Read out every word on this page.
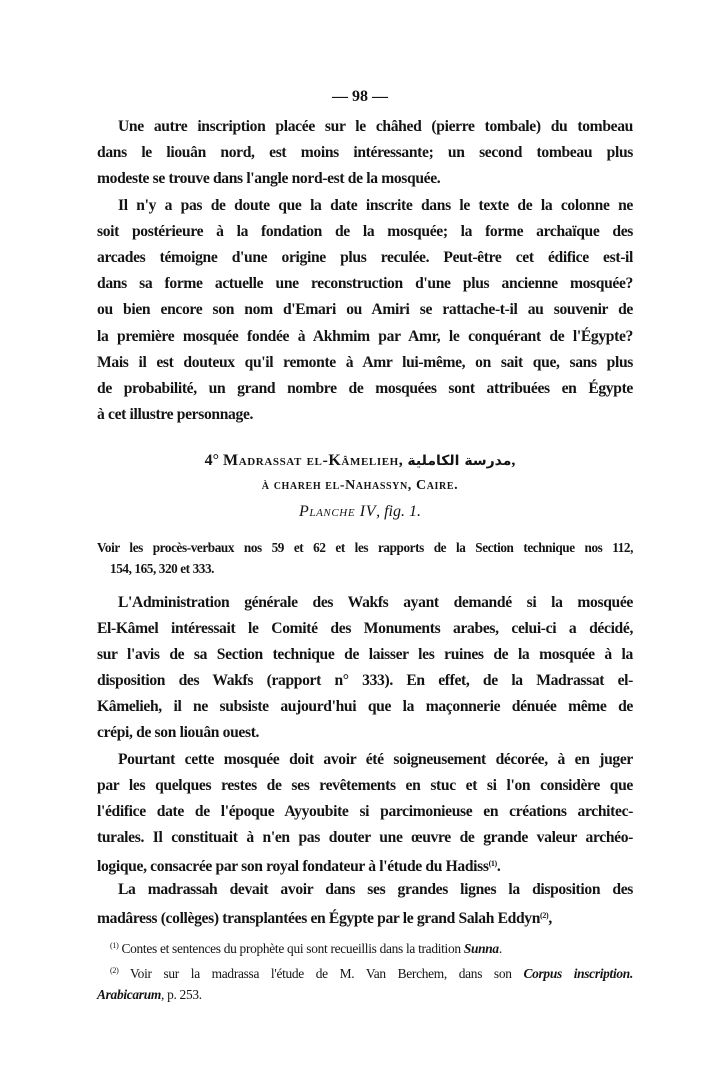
— 98 —
Une autre inscription placée sur le châhed (pierre tombale) du tombeau
dans le liouân nord, est moins intéressante; un second tombeau plus
modeste se trouve dans l'angle nord-est de la mosquée.
Il n'y a pas de doute que la date inscrite dans le texte de la colonne ne
soit postérieure à la fondation de la mosquée; la forme archaïque des
arcades témoigne d'une origine plus reculée. Peut-être cet édifice est-il
dans sa forme actuelle une reconstruction d'une plus ancienne mosquée?
ou bien encore son nom d'Emari ou Amiri se rattache-t-il au souvenir de
la première mosquée fondée à Akhmim par Amr, le conquérant de l'Égypte?
Mais il est douteux qu'il remonte à Amr lui-même, on sait que, sans plus
de probabilité, un grand nombre de mosquées sont attribuées en Égypte
à cet illustre personnage.
4° Madrassat el-Kâmelieh, مدرسة الكاملية,
à chareh el-Nahassyn, Caire.
Planche IV, fig. 1.
Voir les procès-verbaux nos 59 et 62 et les rapports de la Section technique nos 112,
154, 165, 320 et 333.
L'Administration générale des Wakfs ayant demandé si la mosquée
El-Kâmel intéressait le Comité des Monuments arabes, celui-ci a décidé,
sur l'avis de sa Section technique de laisser les ruines de la mosquée à la
disposition des Wakfs (rapport n° 333). En effet, de la Madrassat el-
Kâmelieh, il ne subsiste aujourd'hui que la maçonnerie dénuée même de
crépi, de son liouân ouest.
Pourtant cette mosquée doit avoir été soigneusement décorée, à en juger
par les quelques restes de ses revêtements en stuc et si l'on considère que
l'édifice date de l'époque Ayyoubite si parcimonieuse en créations architec-
turales. Il constituait à n'en pas douter une œuvre de grande valeur archéo-
logique, consacrée par son royal fondateur à l'étude du Hadiss$^{(1)}$.
La madrassah devait avoir dans ses grandes lignes la disposition des
madâress (collèges) transplantées en Égypte par le grand Salah Eddyn$^{(2)}$,
$^{(1)}$ Contes et sentences du prophète qui sont recueillis dans la tradition Sunna.
$^{(2)}$ Voir sur la madrassa l'étude de M. Van Berchem, dans son Corpus inscription.
Arabicarum, p. 253.
